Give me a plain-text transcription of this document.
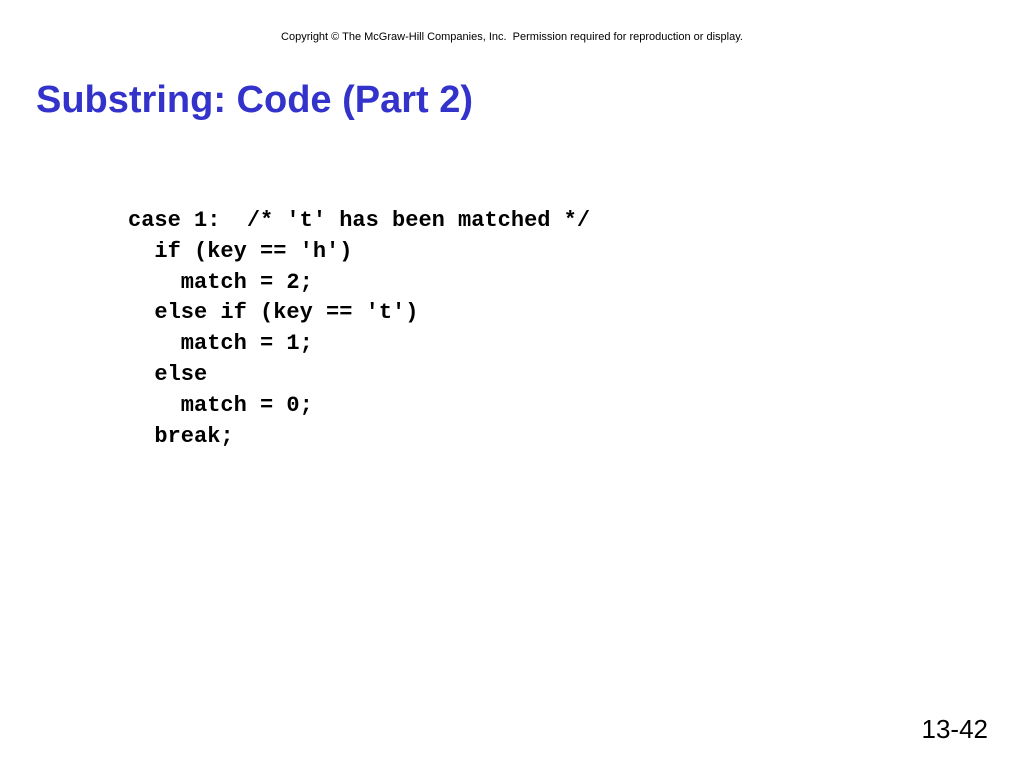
Copyright © The McGraw-Hill Companies, Inc.  Permission required for reproduction or display.
Substring: Code (Part 2)
case 1:  /* 't' has been matched */
if (key == 'h')
match = 2;
else if (key == 't')
match = 1;
else
match = 0;
break;
13-42
